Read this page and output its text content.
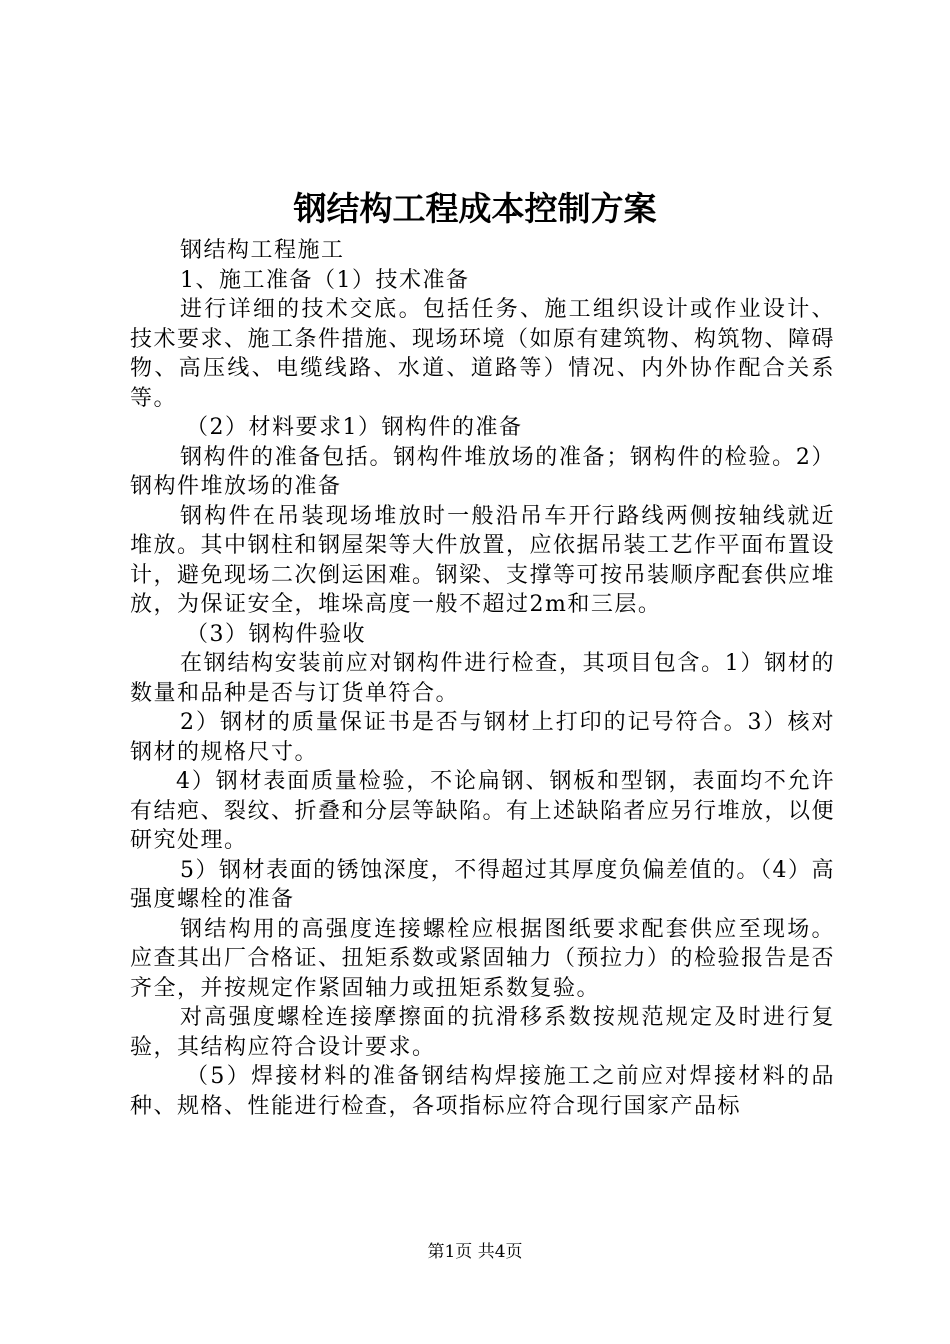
钢结构工程成本控制方案

钢结构工程施工

1、施工准备（1）技术准备

进行详细的技术交底。包括任务、施工组织设计或作业设计、技术要求、施工条件措施、现场环境（如原有建筑物、构筑物、障碍物、高压线、电缆线路、水道、道路等）情况、内外协作配合关系等。

（2）材料要求1）钢构件的准备

钢构件的准备包括。钢构件堆放场的准备；钢构件的检验。2）钢构件堆放场的准备

钢构件在吊装现场堆放时一般沿吊车开行路线两侧按轴线就近堆放。其中钢柱和钢屋架等大件放置，应依据吊装工艺作平面布置设计，避免现场二次倒运困难。钢梁、支撑等可按吊装顺序配套供应堆放，为保证安全，堆垛高度一般不超过2m和三层。

（3）钢构件验收

在钢结构安装前应对钢构件进行检查，其项目包含。1）钢材的数量和品种是否与订货单符合。

2）钢材的质量保证书是否与钢材上打印的记号符合。3）核对钢材的规格尺寸。

4）钢材表面质量检验，不论扁钢、钢板和型钢，表面均不允许有结疤、裂纹、折叠和分层等缺陷。有上述缺陷者应另行堆放，以便研究处理。

5）钢材表面的锈蚀深度，不得超过其厚度负偏差值的。（4）高强度螺栓的准备

钢结构用的高强度连接螺栓应根据图纸要求配套供应至现场。应查其出厂合格证、扭矩系数或紧固轴力（预拉力）的检验报告是否齐全，并按规定作紧固轴力或扭矩系数复验。

对高强度螺栓连接摩擦面的抗滑移系数按规范规定及时进行复验，其结构应符合设计要求。

（5）焊接材料的准备钢结构焊接施工之前应对焊接材料的品种、规格、性能进行检查，各项指标应符合现行国家产品标

第1页 共4页
